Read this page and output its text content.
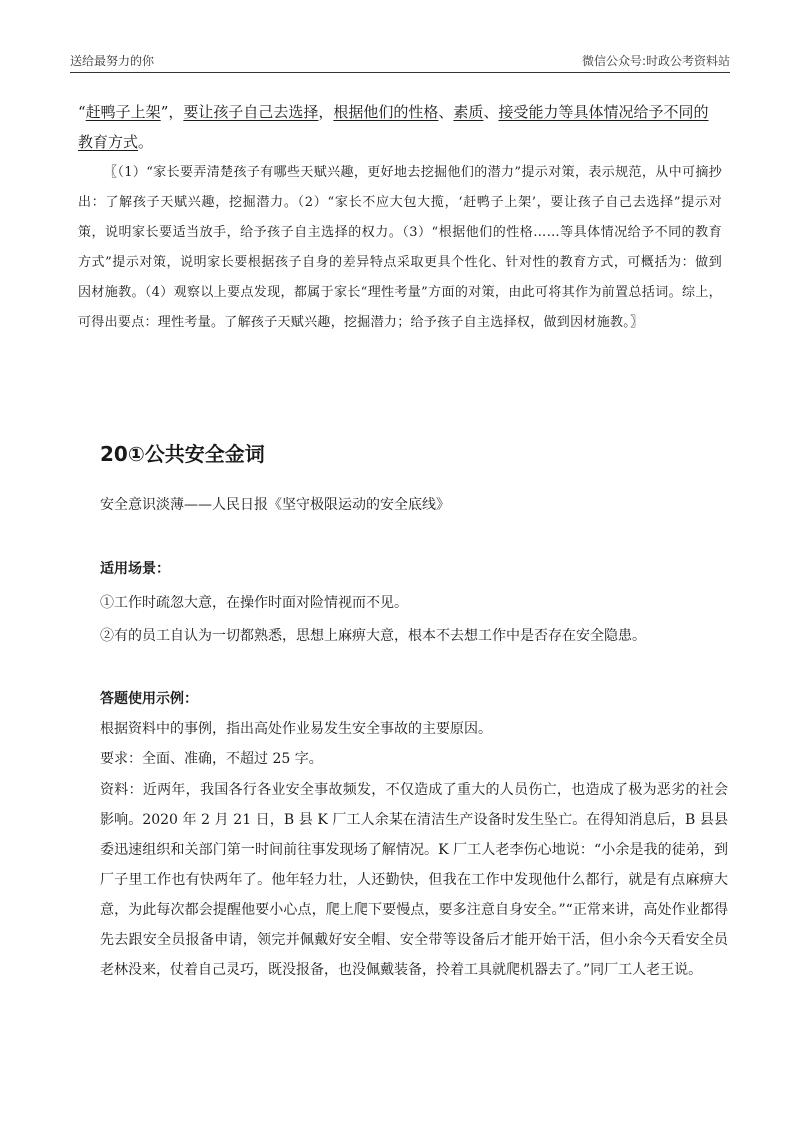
送给最努力的你	微信公众号:时政公考资料站

“赶鸭子上架”，要让孩子自己去选择，根据他们的性格、素质、接受能力等具体情况给予不同的教育方式。

〖（1）“家长要弄清楚孩子有哪些天赋兴趣，更好地去挖掘他们的潜力”提示对策，表示规范，从中可摘抄出：了解孩子天赋兴趣，挖掘潜力。（2）“家长不应大包大揽，‘赶鸭子上架’，要让孩子自己去选择”提示对策，说明家长要适当放手，给予孩子自主选择的权力。（3）“根据他们的性格……等具体情况给予不同的教育方式”提示对策，说明家长要根据孩子自身的差异特点采取更具个性化、针对性的教育方式，可概括为：做到因材施教。（4）观察以上要点发现，都属于家长“理性考量”方面的对策，由此可将其作为前置总括词。综上，可得出要点：理性考量。了解孩子天赋兴趣，挖掘潜力；给予孩子自主选择权，做到因材施教。〗

20①公共安全金词

安全意识淡薄——人民日报《坚守极限运动的安全底线》

适用场景：

①工作时疏忽大意，在操作时面对险情视而不见。

②有的员工自认为一切都熟悉，思想上麻痹大意，根本不去想工作中是否存在安全隐患。

答题使用示例：

根据资料中的事例，指出高处作业易发生安全事故的主要原因。

要求：全面、准确，不超过 25 字。

资料：近两年，我国各行各业安全事故频发，不仅造成了重大的人员伤亡，也造成了极为恶劣的社会影响。2020 年 2 月 21 日，B 县 K 厂工人余某在清洁生产设备时发生坠亡。在得知消息后，B 县县委迅速组织和关部门第一时间前往事发现场了解情况。K 厂工人老李伤心地说：“小余是我的徒弟，到厂子里工作也有快两年了。他年轻力壮，人还勤快，但我在工作中发现他什么都行，就是有点麻痹大意，为此每次都会提醒他要小心点，爬上爬下要慢点，要多注意自身安全。”“正常来讲，高处作业都得先去跟安全员报备申请，领完并佩戴好安全帽、安全带等设备后才能开始干活，但小余今天看安全员老林没来，仗着自己灵巧，既没报备，也没佩戴装备，拎着工具就爬机器去了。”同厂工人老王说。
